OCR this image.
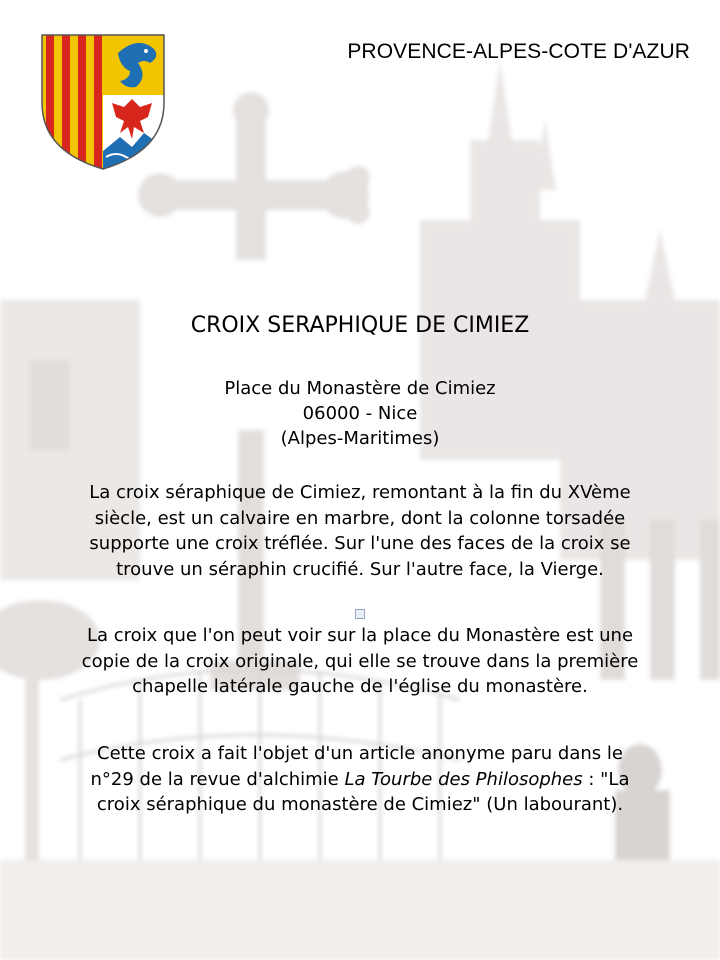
PROVENCE-ALPES-COTE D'AZUR
CROIX SERAPHIQUE DE CIMIEZ
Place du Monastère de Cimiez
06000 - Nice
(Alpes-Maritimes)
La croix séraphique de Cimiez, remontant à la fin du XVème siècle, est un calvaire en marbre, dont la colonne torsadée supporte une croix tréflée. Sur l'une des faces de la croix se trouve un séraphin crucifié. Sur l'autre face, la Vierge.
La croix que l'on peut voir sur la place du Monastère est une copie de la croix originale, qui elle se trouve dans la première chapelle latérale gauche de l'église du monastère.
Cette croix a fait l'objet d'un article anonyme paru dans le n°29 de la revue d'alchimie La Tourbe des Philosophes : "La croix séraphique du monastère de Cimiez" (Un labourant).
